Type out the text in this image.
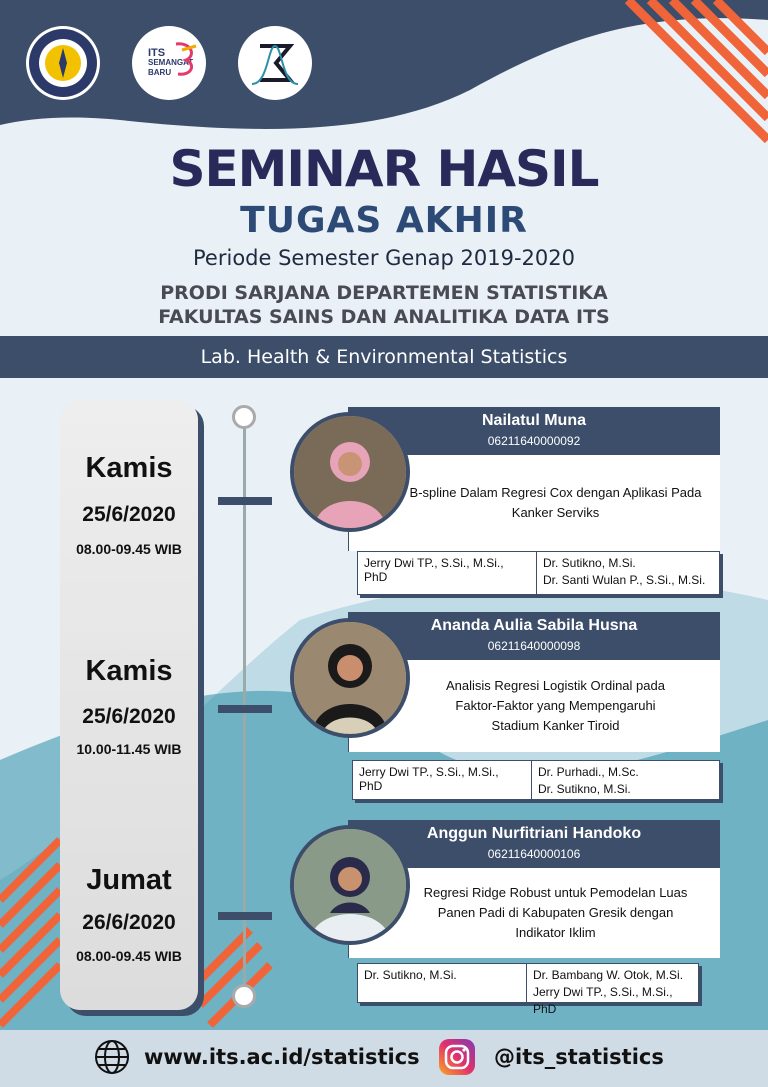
ITS
SEMANGAT
BARU
SEMINAR HASIL
TUGAS AKHIR
Periode Semester Genap 2019-2020
PRODI SARJANA DEPARTEMEN STATISTIKA
FAKULTAS SAINS DAN ANALITIKA DATA ITS
Lab. Health & Environmental Statistics
Kamis
25/6/2020
08.00-09.45 WIB
Kamis
25/6/2020
10.00-11.45 WIB
Jumat
26/6/2020
08.00-09.45 WIB
Nailatul Muna
06211640000092
B-spline Dalam Regresi Cox dengan Aplikasi Pada Kanker Serviks
Jerry Dwi TP., S.Si., M.Si., PhD
Dr. Sutikno, M.Si.
Dr. Santi Wulan P., S.Si., M.Si.
Ananda Aulia Sabila Husna
06211640000098
Analisis Regresi Logistik Ordinal pada
Faktor-Faktor yang Mempengaruhi
Stadium Kanker Tiroid
Jerry Dwi TP., S.Si., M.Si., PhD
Dr. Purhadi., M.Sc.
Dr. Sutikno, M.Si.
Anggun Nurfitriani Handoko
06211640000106
Regresi Ridge Robust untuk Pemodelan Luas
Panen Padi di Kabupaten Gresik dengan
Indikator Iklim
Dr. Sutikno, M.Si.	Dr. Bambang W. Otok, M.Si.
Jerry Dwi TP., S.Si., M.Si., PhD
www.its.ac.id/statistics	@its_statistics
